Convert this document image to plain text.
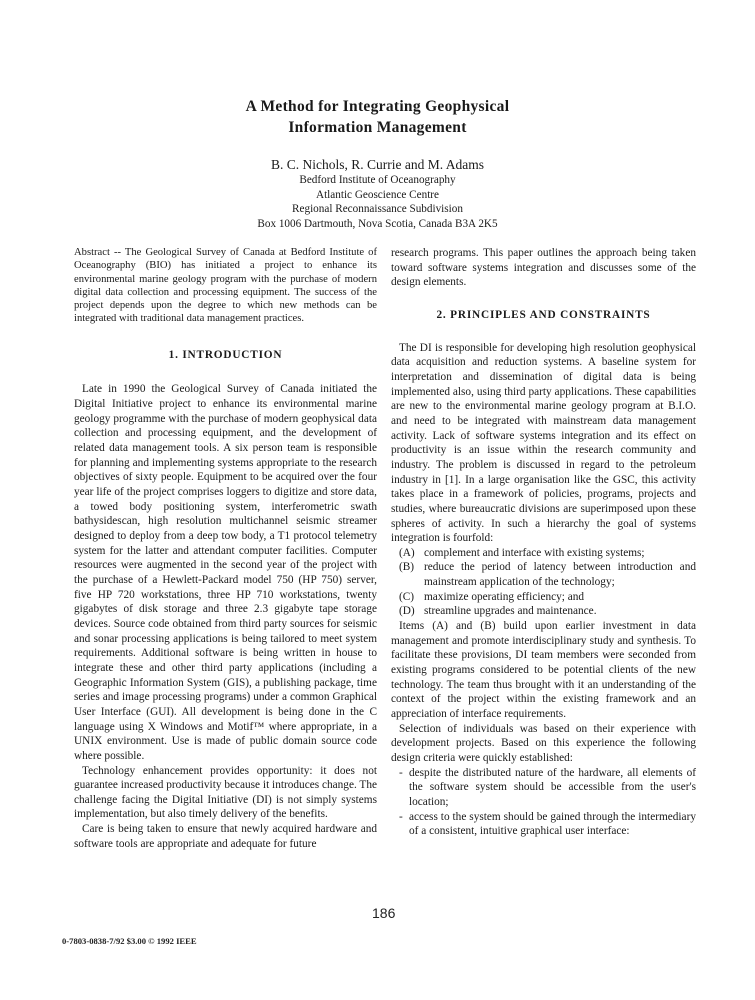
A Method for Integrating Geophysical
Information Management
B. C. Nichols, R. Currie and M. Adams
Bedford Institute of Oceanography
Atlantic Geoscience Centre
Regional Reconnaissance Subdivision
Box 1006 Dartmouth, Nova Scotia, Canada B3A 2K5

Abstract -- The Geological Survey of Canada at Bedford Institute of Oceanography (BIO) has initiated a project to enhance its environmental marine geology program with the purchase of modern digital data collection and processing equipment. The success of the project depends upon the degree to which new methods can be integrated with traditional data management practices.

1. INTRODUCTION

Late in 1990 the Geological Survey of Canada initiated the Digital Initiative project to enhance its environmental marine geology programme with the purchase of modern geophysical data collection and processing equipment, and the development of related data management tools. A six person team is responsible for planning and implementing systems appropriate to the research objectives of sixty people. Equipment to be acquired over the four year life of the project comprises loggers to digitize and store data, a towed body positioning system, interferometric swath bathysidescan, high resolution multichannel seismic streamer designed to deploy from a deep tow body, a T1 protocol telemetry system for the latter and attendant computer facilities. Computer resources were augmented in the second year of the project with the purchase of a Hewlett-Packard model 750 (HP 750) server, five HP 720 workstations, three HP 710 workstations, twenty gigabytes of disk storage and three 2.3 gigabyte tape storage devices. Source code obtained from third party sources for seismic and sonar processing applications is being tailored to meet system requirements. Additional software is being written in house to integrate these and other third party applications (including a Geographic Information System (GIS), a publishing package, time series and image processing programs) under a common Graphical User Interface (GUI). All development is being done in the C language using X Windows and Motif™ where appropriate, in a UNIX environment. Use is made of public domain source code where possible.

Technology enhancement provides opportunity: it does not guarantee increased productivity because it introduces change. The challenge facing the Digital Initiative (DI) is not simply systems implementation, but also timely delivery of the benefits.

Care is being taken to ensure that newly acquired hardware and software tools are appropriate and adequate for future

research programs. This paper outlines the approach being taken toward software systems integration and discusses some of the design elements.

2. PRINCIPLES AND CONSTRAINTS

The DI is responsible for developing high resolution geophysical data acquisition and reduction systems. A baseline system for interpretation and dissemination of digital data is being implemented also, using third party applications. These capabilities are new to the environmental marine geology program at B.I.O. and need to be integrated with mainstream data management activity. Lack of software systems integration and its effect on productivity is an issue within the research community and industry. The problem is discussed in regard to the petroleum industry in [1]. In a large organisation like the GSC, this activity takes place in a framework of policies, programs, projects and studies, where bureaucratic divisions are superimposed upon these spheres of activity. In such a hierarchy the goal of systems integration is fourfold:

(A) complement and interface with existing systems;
(B) reduce the period of latency between introduction and mainstream application of the technology;
(C) maximize operating efficiency; and
(D) streamline upgrades and maintenance.

Items (A) and (B) build upon earlier investment in data management and promote interdisciplinary study and synthesis. To facilitate these provisions, DI team members were seconded from existing programs considered to be potential clients of the new technology. The team thus brought with it an understanding of the context of the project within the existing framework and an appreciation of interface requirements.

Selection of individuals was based on their experience with development projects. Based on this experience the following design criteria were quickly established:

- despite the distributed nature of the hardware, all elements of the software system should be accessible from the user's location;
- access to the system should be gained through the intermediary of a consistent, intuitive graphical user interface:
186
0-7803-0838-7/92 $3.00 © 1992 IEEE
